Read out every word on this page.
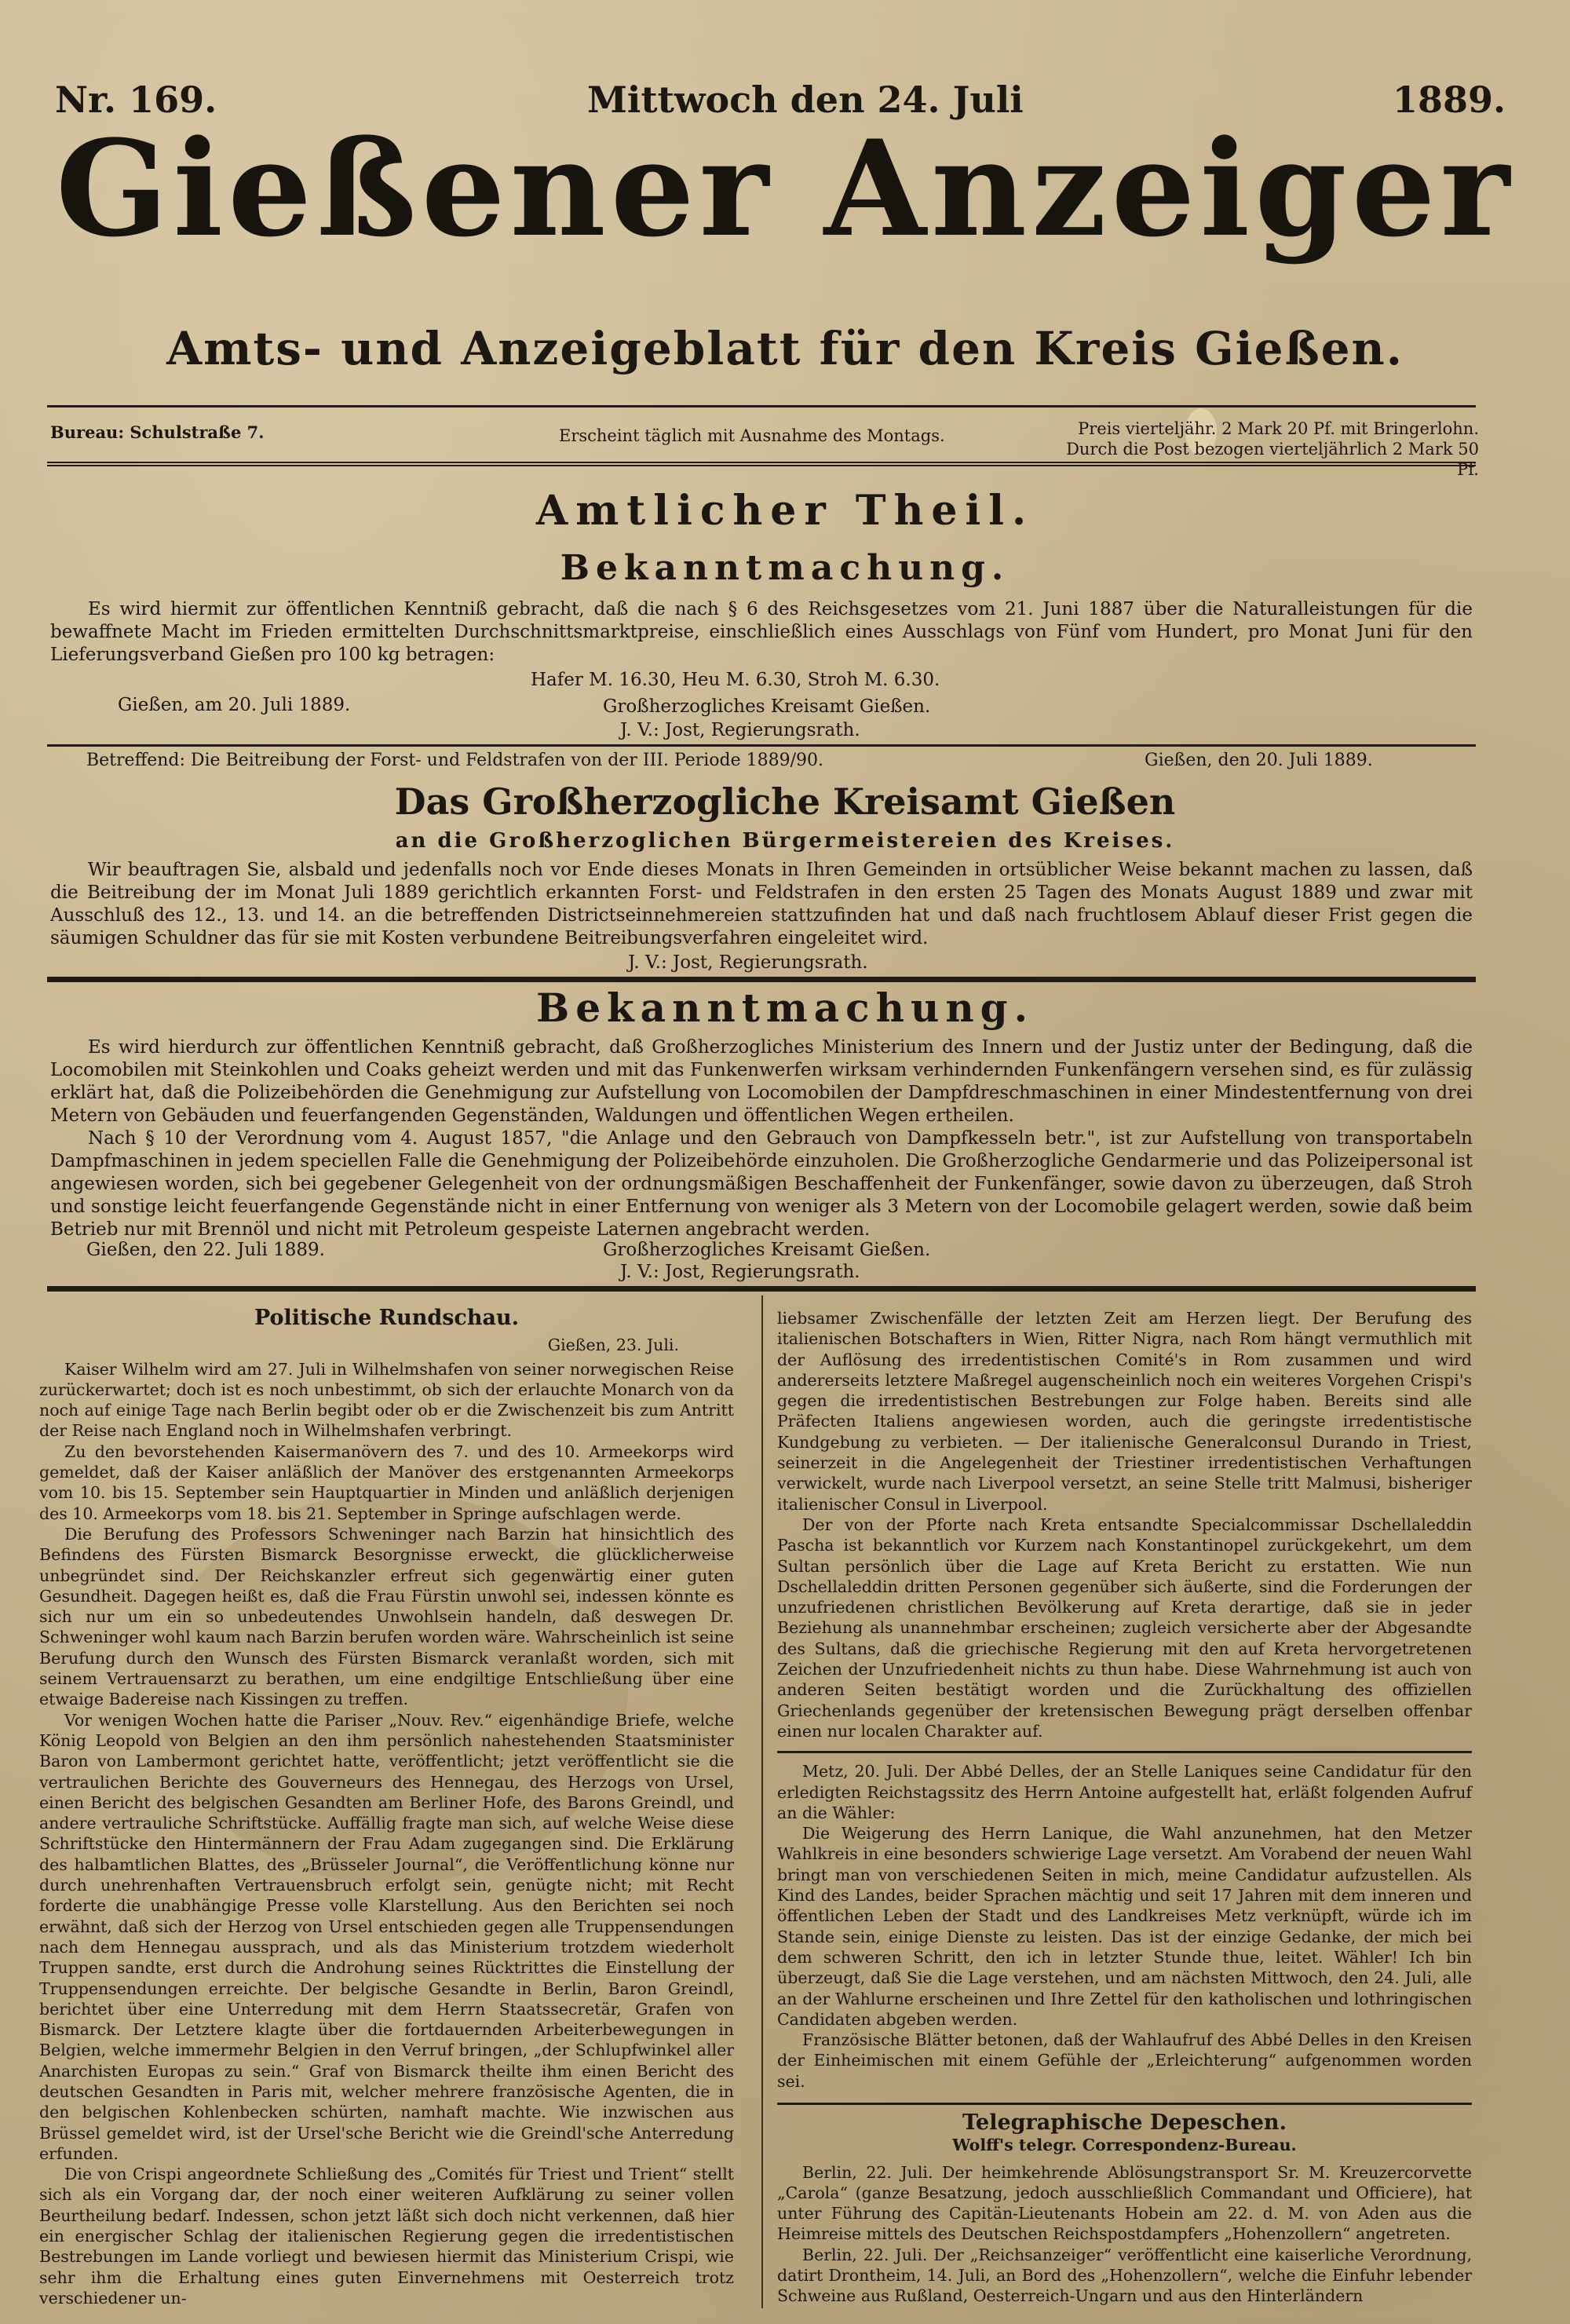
Nr. 169.	Mittwoch den 24. Juli	1889.
Gießener Anzeiger
Amts- und Anzeigeblatt für den Kreis Gießen.
Bureau: Schulstraße 7.	Erscheint täglich mit Ausnahme des Montags.	Preis vierteljähr. 2 Mark 20 Pf. mit Bringerlohn.
Durch die Post bezogen vierteljährlich 2 Mark 50 Pf.
Amtlicher Theil.
Bekanntmachung.
Es wird hiermit zur öffentlichen Kenntniß gebracht, daß die nach § 6 des Reichsgesetzes vom 21. Juni 1887 über die Naturalleistungen für die bewaffnete Macht im Frieden ermittelten Durchschnittsmarktpreise, einschließlich eines Ausschlags von Fünf vom Hundert, pro Monat Juni für den Lieferungsverband Gießen pro 100 kg betragen:
Hafer M. 16.30, Heu M. 6.30, Stroh M. 6.30.
Gießen, am 20. Juli 1889.	Großherzogliches Kreisamt Gießen.
J. V.: Jost, Regierungsrath.
Betreffend: Die Beitreibung der Forst- und Feldstrafen von der III. Periode 1889/90.	Gießen, den 20. Juli 1889.
Das Großherzogliche Kreisamt Gießen
an die Großherzoglichen Bürgermeistereien des Kreises.
Wir beauftragen Sie, alsbald und jedenfalls noch vor Ende dieses Monats in Ihren Gemeinden in ortsüblicher Weise bekannt machen zu lassen, daß die Beitreibung der im Monat Juli 1889 gerichtlich erkannten Forst- und Feldstrafen in den ersten 25 Tagen des Monats August 1889 und zwar mit Ausschluß des 12., 13. und 14. an die betreffenden Districtseinnehmereien stattzufinden hat und daß nach fruchtlosem Ablauf dieser Frist gegen die säumigen Schuldner das für sie mit Kosten verbundene Beitreibungsverfahren eingeleitet wird.
J. V.: Jost, Regierungsrath.
Bekanntmachung.
Es wird hierdurch zur öffentlichen Kenntniß gebracht, daß Großherzogliches Ministerium des Innern und der Justiz unter der Bedingung, daß die Locomobilen mit Steinkohlen und Coaks geheizt werden und mit das Funkenwerfen wirksam verhindernden Funkenfängern versehen sind, es für zulässig erklärt hat, daß die Polizeibehörden die Genehmigung zur Aufstellung von Locomobilen der Dampfdreschmaschinen in einer Mindestentfernung von drei Metern von Gebäuden und feuerfangenden Gegenständen, Waldungen und öffentlichen Wegen ertheilen.
Nach § 10 der Verordnung vom 4. August 1857, "die Anlage und den Gebrauch von Dampfkesseln betr.", ist zur Aufstellung von transportabeln Dampfmaschinen in jedem speciellen Falle die Genehmigung der Polizeibehörde einzuholen. Die Großherzogliche Gendarmerie und das Polizeipersonal ist angewiesen worden, sich bei gegebener Gelegenheit von der ordnungsmäßigen Beschaffenheit der Funkenfänger, sowie davon zu überzeugen, daß Stroh und sonstige leicht feuerfangende Gegenstände nicht in einer Entfernung von weniger als 3 Metern von der Locomobile gelagert werden, sowie daß beim Betrieb nur mit Brennöl und nicht mit Petroleum gespeiste Laternen angebracht werden.
Gießen, den 22. Juli 1889.	Großherzogliches Kreisamt Gießen.
J. V.: Jost, Regierungsrath.
Politische Rundschau.
Gießen, 23. Juli.

Kaiser Wilhelm wird am 27. Juli in Wilhelmshafen von seiner norwegischen Reise zurückerwartet; doch ist es noch unbestimmt, ob sich der erlauchte Monarch von da noch auf einige Tage nach Berlin begibt oder ob er die Zwischenzeit bis zum Antritt der Reise nach England noch in Wilhelmshafen verbringt.

Zu den bevorstehenden Kaisermanövern des 7. und des 10. Armeekorps wird gemeldet, daß der Kaiser anläßlich der Manöver des erstgenannten Armeekorps vom 10. bis 15. September sein Hauptquartier in Minden und anläßlich derjenigen des 10. Armeekorps vom 18. bis 21. September in Springe aufschlagen werde.

Die Berufung des Professors Schweninger nach Barzin hat hinsichtlich des Befindens des Fürsten Bismarck Besorgnisse erweckt, die glücklicherweise unbegründet sind. Der Reichskanzler erfreut sich gegenwärtig einer guten Gesundheit. Dagegen heißt es, daß die Frau Fürstin unwohl sei, indessen könnte es sich nur um ein so unbedeutendes Unwohlsein handeln, daß deswegen Dr. Schweninger wohl kaum nach Barzin berufen worden wäre. Wahrscheinlich ist seine Berufung durch den Wunsch des Fürsten Bismarck veranlaßt worden, sich mit seinem Vertrauensarzt zu berathen, um eine endgiltige Entschließung über eine etwaige Badereise nach Kissingen zu treffen.

Vor wenigen Wochen hatte die Pariser „Nouv. Rev.“ eigenhändige Briefe, welche König Leopold von Belgien an den ihm persönlich nahestehenden Staatsminister Baron von Lambermont gerichtet hatte, veröffentlicht; jetzt veröffentlicht sie die vertraulichen Berichte des Gouverneurs des Hennegau, des Herzogs von Ursel, einen Bericht des belgischen Gesandten am Berliner Hofe, des Barons Greindl, und andere vertrauliche Schriftstücke. Auffällig fragte man sich, auf welche Weise diese Schriftstücke den Hintermännern der Frau Adam zugegangen sind. Die Erklärung des halbamtlichen Blattes, des „Brüsseler Journal“, die Veröffentlichung könne nur durch unehrenhaften Vertrauensbruch erfolgt sein, genügte nicht; mit Recht forderte die unabhängige Presse volle Klarstellung. Aus den Berichten sei noch erwähnt, daß sich der Herzog von Ursel entschieden gegen alle Truppensendungen nach dem Hennegau aussprach, und als das Ministerium trotzdem wiederholt Truppen sandte, erst durch die Androhung seines Rücktrittes die Einstellung der Truppensendungen erreichte. Der belgische Gesandte in Berlin, Baron Greindl, berichtet über eine Unterredung mit dem Herrn Staatssecretär, Grafen von Bismarck. Der Letztere klagte über die fortdauernden Arbeiterbewegungen in Belgien, welche immermehr Belgien in den Verruf bringen, „der Schlupfwinkel aller Anarchisten Europas zu sein.“ Graf von Bismarck theilte ihm einen Bericht des deutschen Gesandten in Paris mit, welcher mehrere französische Agenten, die in den belgischen Kohlenbecken schürten, namhaft machte. Wie inzwischen aus Brüssel gemeldet wird, ist der Ursel'sche Bericht wie die Greindl'sche Anterredung erfunden.

Die von Crispi angeordnete Schließung des „Comités für Triest und Trient“ stellt sich als ein Vorgang dar, der noch einer weiteren Aufklärung zu seiner vollen Beurtheilung bedarf. Indessen, schon jetzt läßt sich doch nicht verkennen, daß hier ein energischer Schlag der italienischen Regierung gegen die irredentistischen Bestrebungen im Lande vorliegt und bewiesen hiermit das Ministerium Crispi, wie sehr ihm die Erhaltung eines guten Einvernehmens mit Oesterreich trotz verschiedener un-

liebsamer Zwischenfälle der letzten Zeit am Herzen liegt. Der Berufung des italienischen Botschafters in Wien, Ritter Nigra, nach Rom hängt vermuthlich mit der Auflösung des irredentistischen Comité's in Rom zusammen und wird andererseits letztere Maßregel augenscheinlich noch ein weiteres Vorgehen Crispi's gegen die irredentistischen Bestrebungen zur Folge haben. Bereits sind alle Präfecten Italiens angewiesen worden, auch die geringste irredentistische Kundgebung zu verbieten. — Der italienische Generalconsul Durando in Triest, seinerzeit in die Angelegenheit der Triestiner irredentistischen Verhaftungen verwickelt, wurde nach Liverpool versetzt, an seine Stelle tritt Malmusi, bisheriger italienischer Consul in Liverpool.

Der von der Pforte nach Kreta entsandte Specialcommissar Dschellaleddin Pascha ist bekanntlich vor Kurzem nach Konstantinopel zurückgekehrt, um dem Sultan persönlich über die Lage auf Kreta Bericht zu erstatten. Wie nun Dschellaleddin dritten Personen gegenüber sich äußerte, sind die Forderungen der unzufriedenen christlichen Bevölkerung auf Kreta derartige, daß sie in jeder Beziehung als unannehmbar erscheinen; zugleich versicherte aber der Abgesandte des Sultans, daß die griechische Regierung mit den auf Kreta hervorgetretenen Zeichen der Unzufriedenheit nichts zu thun habe. Diese Wahrnehmung ist auch von anderen Seiten bestätigt worden und die Zurückhaltung des offiziellen Griechenlands gegenüber der kretensischen Bewegung prägt derselben offenbar einen nur localen Charakter auf.

Metz, 20. Juli. Der Abbé Delles, der an Stelle Laniques seine Candidatur für den erledigten Reichstagssitz des Herrn Antoine aufgestellt hat, erläßt folgenden Aufruf an die Wähler:

Die Weigerung des Herrn Lanique, die Wahl anzunehmen, hat den Metzer Wahlkreis in eine besonders schwierige Lage versetzt. Am Vorabend der neuen Wahl bringt man von verschiedenen Seiten in mich, meine Candidatur aufzustellen. Als Kind des Landes, beider Sprachen mächtig und seit 17 Jahren mit dem inneren und öffentlichen Leben der Stadt und des Landkreises Metz verknüpft, würde ich im Stande sein, einige Dienste zu leisten. Das ist der einzige Gedanke, der mich bei dem schweren Schritt, den ich in letzter Stunde thue, leitet. Wähler! Ich bin überzeugt, daß Sie die Lage verstehen, und am nächsten Mittwoch, den 24. Juli, alle an der Wahlurne erscheinen und Ihre Zettel für den katholischen und lothringischen Candidaten abgeben werden.

Französische Blätter betonen, daß der Wahlaufruf des Abbé Delles in den Kreisen der Einheimischen mit einem Gefühle der „Erleichterung“ aufgenommen worden sei.

Telegraphische Depeschen.
Wolff's telegr. Correspondenz-Bureau.

Berlin, 22. Juli. Der heimkehrende Ablösungstransport Sr. M. Kreuzercorvette „Carola“ (ganze Besatzung, jedoch ausschließlich Commandant und Officiere), hat unter Führung des Capitän-Lieutenants Hobein am 22. d. M. von Aden aus die Heimreise mittels des Deutschen Reichspostdampfers „Hohenzollern“ angetreten.

Berlin, 22. Juli. Der „Reichsanzeiger“ veröffentlicht eine kaiserliche Verordnung, datirt Drontheim, 14. Juli, an Bord des „Hohenzollern“, welche die Einfuhr lebender Schweine aus Rußland, Oesterreich-Ungarn und aus den Hinterländern
